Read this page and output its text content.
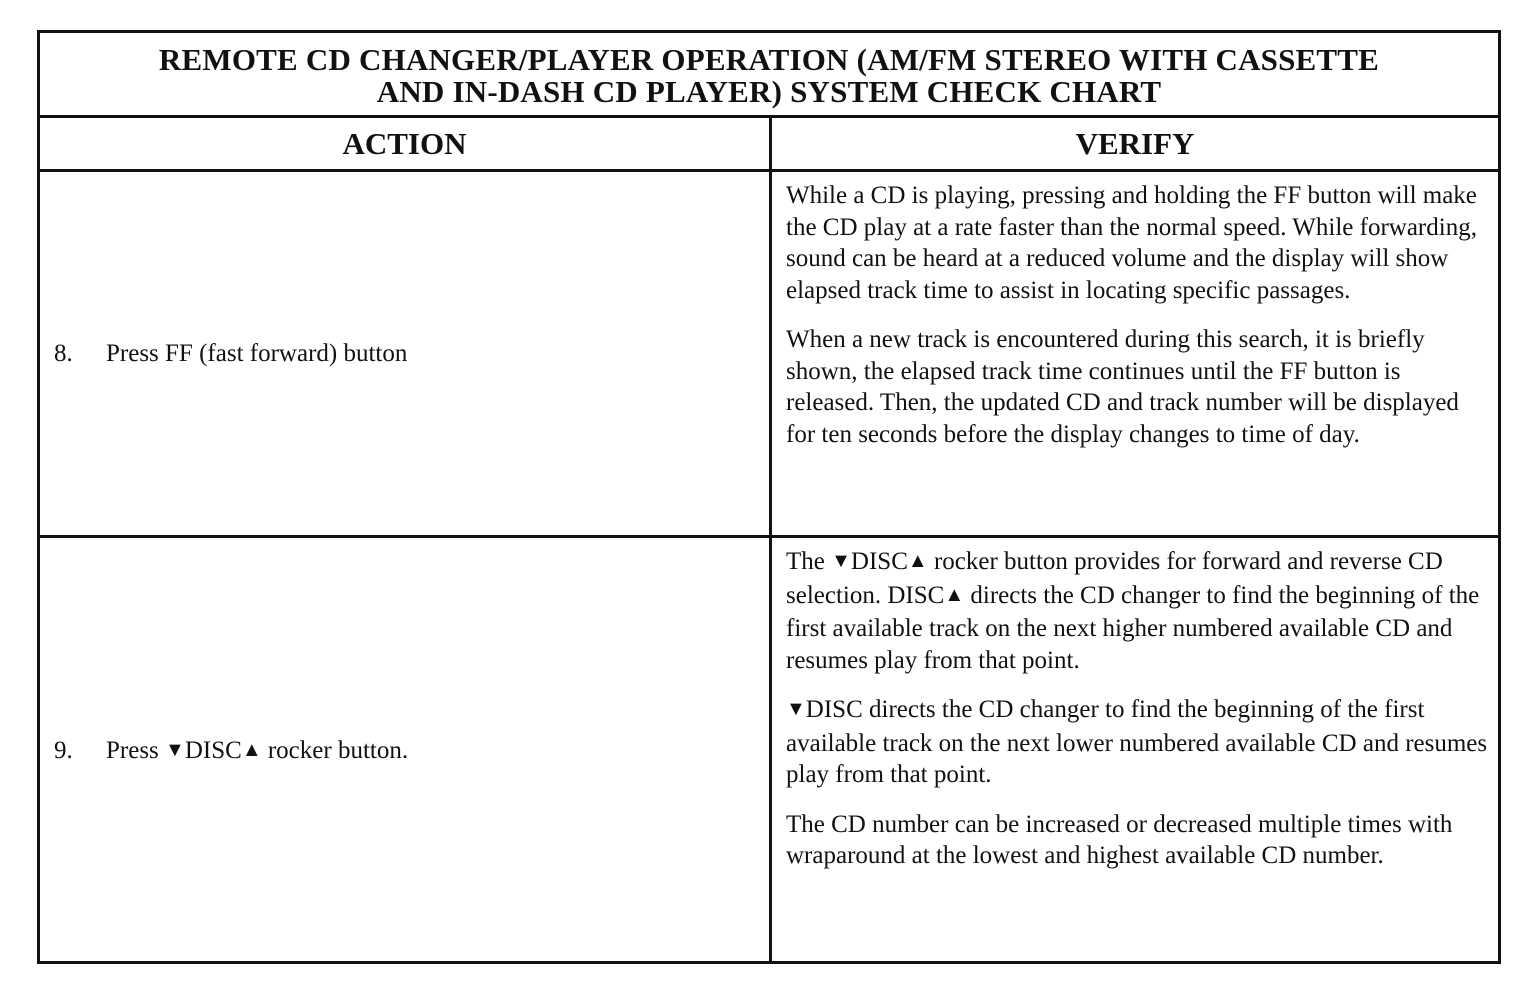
REMOTE CD CHANGER/PLAYER OPERATION (AM/FM STEREO WITH CASSETTE
AND IN-DASH CD PLAYER) SYSTEM CHECK CHART
ACTION	VERIFY
8.	Press FF (fast forward) button

While a CD is playing, pressing and holding the FF button will make the CD play at a rate faster than the normal speed. While forwarding, sound can be heard at a reduced volume and the display will show elapsed track time to assist in locating specific passages.

When a new track is encountered during this search, it is briefly shown, the elapsed track time continues until the FF button is released. Then, the updated CD and track number will be displayed for ten seconds before the display changes to time of day.

9.	Press ▼DISC▲ rocker button.

The ▼DISC▲ rocker button provides for forward and reverse CD selection. DISC▲ directs the CD changer to find the beginning of the first available track on the next higher numbered available CD and resumes play from that point.

▼DISC directs the CD changer to find the beginning of the first available track on the next lower numbered available CD and resumes play from that point.

The CD number can be increased or decreased multiple times with wraparound at the lowest and highest available CD number.
